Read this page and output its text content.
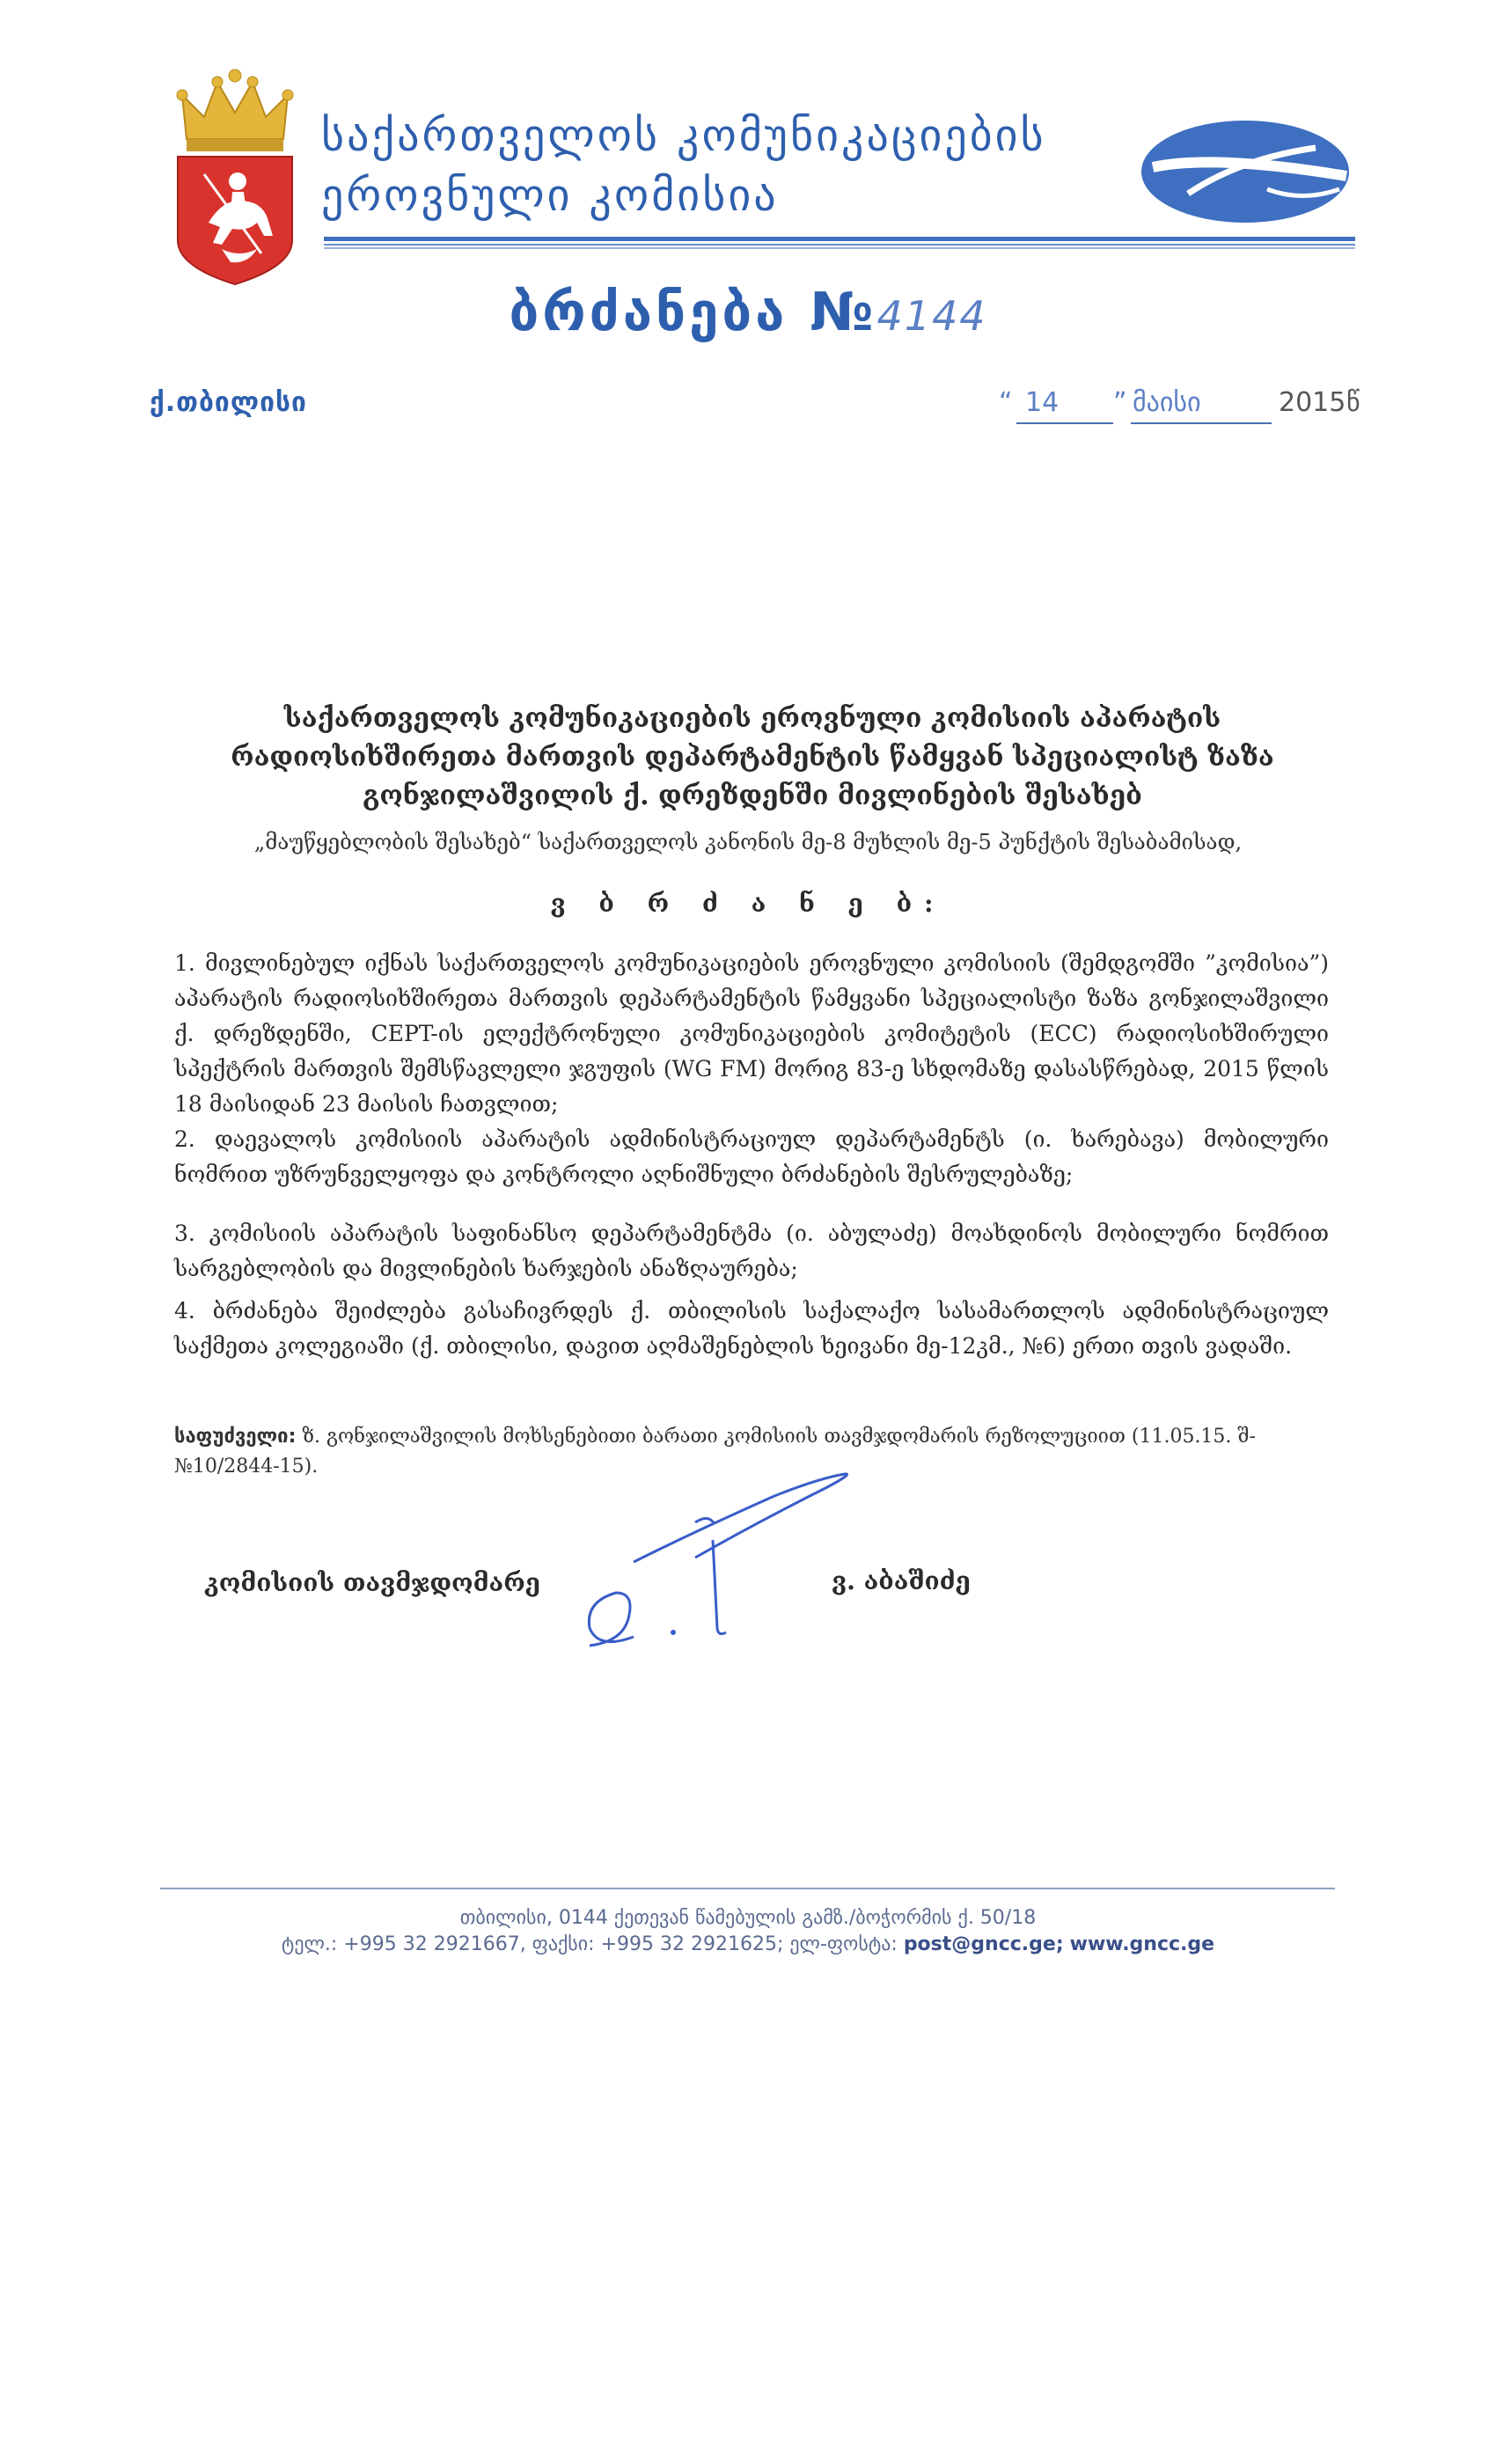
საქართველოს კომუნიკაციების
ეროვნული კომისია
ბრძანება №4144
ქ.თბილისი	“ 14 ” მაისი	2015 წ
საქართველოს კომუნიკაციების ეროვნული კომისიის აპარატის რადიოსიხშირეთა მართვის დეპარტამენტის წამყვან სპეციალისტ ზაზა გონჯილაშვილის ქ. დრეზდენში მივლინების შესახებ
„მაუწყებლობის შესახებ“ საქართველოს კანონის მე-8 მუხლის მე-5 პუნქტის შესაბამისად,
ვ ბ რ ძ ა ნ ე ბ:
1. მივლინებულ იქნას საქართველოს კომუნიკაციების ეროვნული კომისიის (შემდგომში ”კომისია”) აპარატის რადიოსიხშირეთა მართვის დეპარტამენტის წამყვანი სპეციალისტი ზაზა გონჯილაშვილი ქ. დრეზდენში, CEPT-ის ელექტრონული კომუნიკაციების კომიტეტის (ECC) რადიოსიხშირული სპექტრის მართვის შემსწავლელი ჯგუფის (WG FM) მორიგ 83-ე სხდომაზე დასასწრებად, 2015 წლის 18 მაისიდან 23 მაისის ჩათვლით;
2. დაევალოს კომისიის აპარატის ადმინისტრაციულ დეპარტამენტს (ი. ხარებავა) მობილური ნომრით უზრუნველყოფა და კონტროლი აღნიშნული ბრძანების შესრულებაზე;
3. კომისიის აპარატის საფინანსო დეპარტამენტმა (ი. აბულაძე) მოახდინოს მობილური ნომრით სარგებლობის და მივლინების ხარჯების ანაზღაურება;
4. ბრძანება შეიძლება გასაჩივრდეს ქ. თბილისის საქალაქო სასამართლოს ადმინისტრაციულ საქმეთა კოლეგიაში (ქ. თბილისი, დავით აღმაშენებლის ხეივანი მე-12კმ., №6) ერთი თვის ვადაში.
საფუძველი: ზ. გონჯილაშვილის მოხსენებითი ბარათი კომისიის თავმჯდომარის რეზოლუციით (11.05.15. შ-№10/2844-15).
კომისიის თავმჯდომარე	ვ. აბაშიძე
თბილისი, 0144 ქეთევან წამებულის გამზ./ბოჭორმის ქ. 50/18
ტელ.: +995 32 2921667, ფაქსი: +995 32 2921625; ელ-ფოსტა: post@gncc.ge; www.gncc.ge
